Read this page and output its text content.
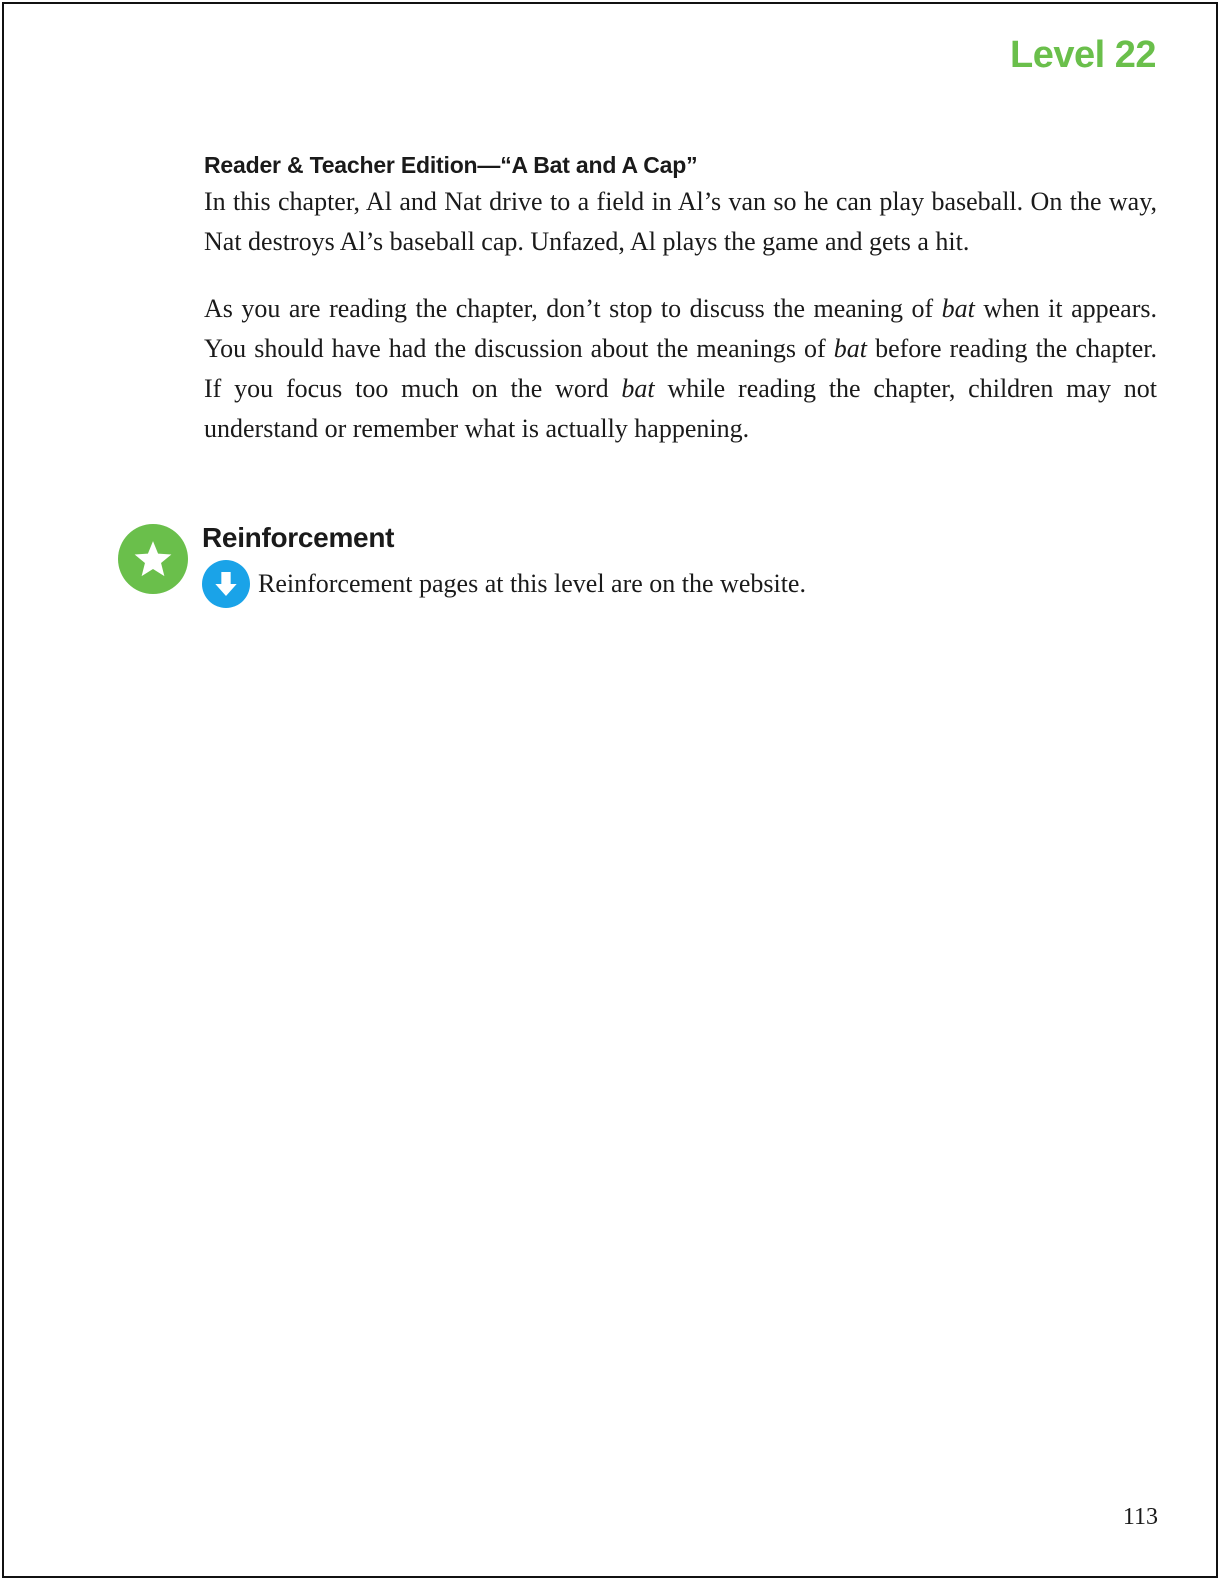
Level 22
Reader & Teacher Edition—“A Bat and A Cap”

In this chapter, Al and Nat drive to a field in Al’s van so he can play baseball. On the way, Nat destroys Al’s baseball cap. Unfazed, Al plays the game and gets a hit.

As you are reading the chapter, don’t stop to discuss the meaning of bat when it appears. You should have had the discussion about the meanings of bat before reading the chapter. If you focus too much on the word bat while reading the chapter, children may not understand or remember what is actually happening.

Reinforcement
Reinforcement pages at this level are on the website.
113
